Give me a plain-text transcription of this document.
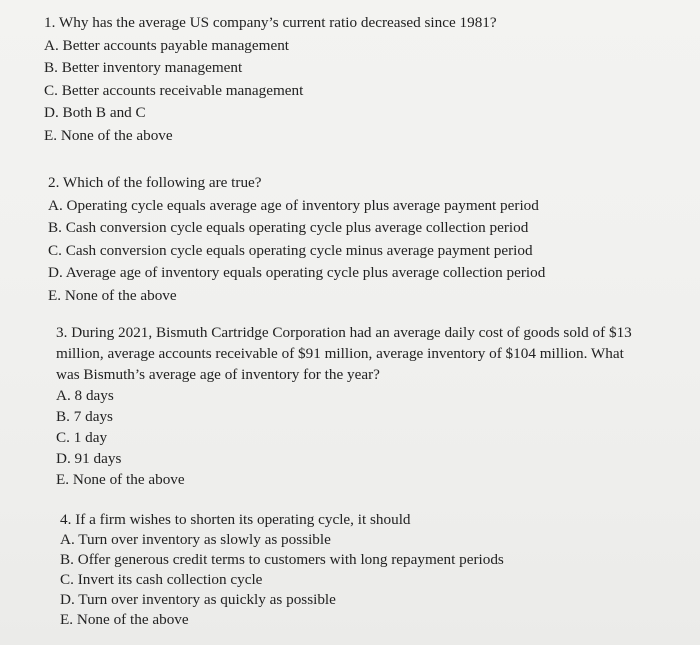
1. Why has the average US company’s current ratio decreased since 1981?
A. Better accounts payable management
B. Better inventory management
C. Better accounts receivable management
D. Both B and C
E. None of the above
2. Which of the following are true?
A. Operating cycle equals average age of inventory plus average payment period
B. Cash conversion cycle equals operating cycle plus average collection period
C. Cash conversion cycle equals operating cycle minus average payment period
D. Average age of inventory equals operating cycle plus average collection period
E. None of the above
3. During 2021, Bismuth Cartridge Corporation had an average daily cost of goods sold of $13
million, average accounts receivable of $91 million, average inventory of $104 million. What
was Bismuth’s average age of inventory for the year?
A. 8 days
B. 7 days
C. 1 day
D. 91 days
E. None of the above
4. If a firm wishes to shorten its operating cycle, it should
A. Turn over inventory as slowly as possible
B. Offer generous credit terms to customers with long repayment periods
C. Invert its cash collection cycle
D. Turn over inventory as quickly as possible
E. None of the above
